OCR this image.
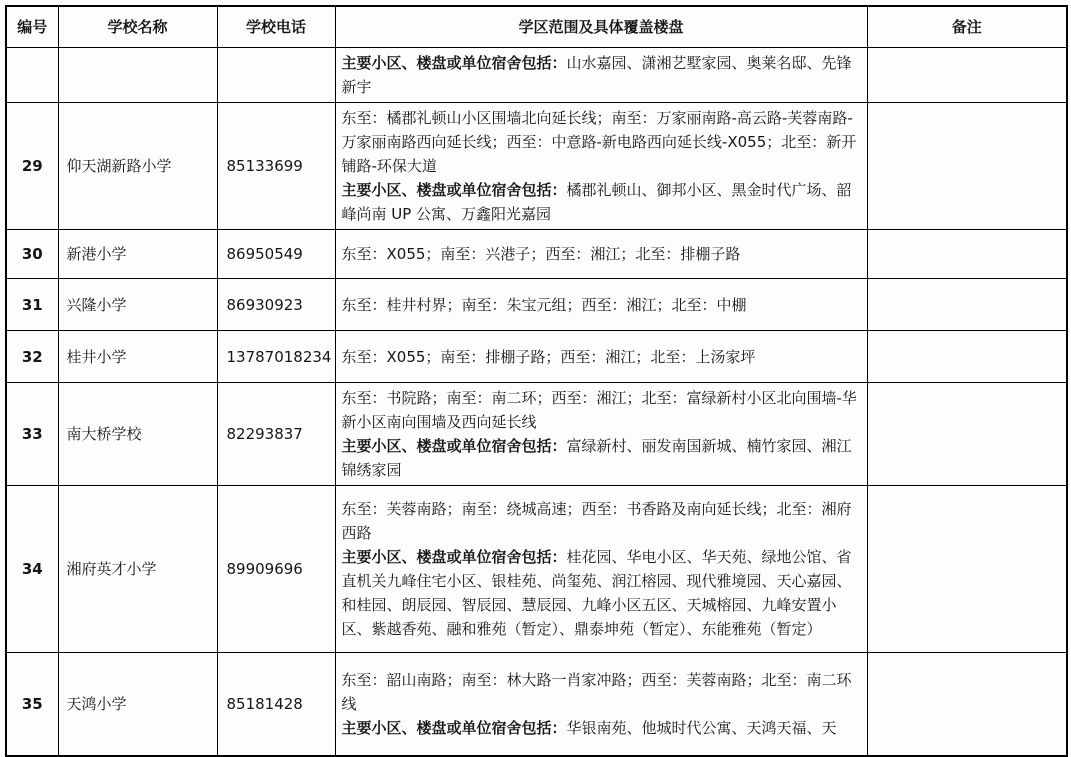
编号	学校名称	学校电话	学区范围及具体覆盖楼盘	备注

			主要小区、楼盘或单位宿舍包括：山水嘉园、潇湘艺墅家园、奥莱名邸、先锋新宇	

29	仰天湖新路小学	85133699	东至：橘郡礼顿山小区围墙北向延长线；南至：万家丽南路-高云路-芙蓉南路-万家丽南路西向延长线；西至：中意路-新电路西向延长线-X055；北至：新开铺路-环保大道
主要小区、楼盘或单位宿舍包括：橘郡礼顿山、御邦小区、黑金时代广场、韶峰尚南 UP 公寓、万鑫阳光嘉园	

30	新港小学	86950549	东至：X055；南至：兴港子；西至：湘江；北至：排棚子路	

31	兴隆小学	86930923	东至：桂井村界；南至：朱宝元组；西至：湘江；北至：中棚	

32	桂井小学	13787018234	东至：X055；南至：排棚子路；西至：湘江；北至：上汤家坪	

33	南大桥学校	82293837	东至：书院路；南至：南二环；西至：湘江；北至：富绿新村小区北向围墙-华新小区南向围墙及西向延长线
主要小区、楼盘或单位宿舍包括：富绿新村、丽发南国新城、楠竹家园、湘江锦绣家园	

34	湘府英才小学	89909696	东至：芙蓉南路；南至：绕城高速；西至：书香路及南向延长线；北至：湘府西路
主要小区、楼盘或单位宿舍包括：桂花园、华电小区、华天苑、绿地公馆、省直机关九峰住宅小区、银桂苑、尚玺苑、润江榕园、现代雅境园、天心嘉园、和桂园、朗辰园、智辰园、慧辰园、九峰小区五区、天城榕园、九峰安置小区、紫越香苑、融和雅苑（暂定）、鼎泰坤苑（暂定）、东能雅苑（暂定）	

35	天鸿小学	85181428	东至：韶山南路；南至：林大路一肖家冲路；西至：芙蓉南路；北至：南二环线
主要小区、楼盘或单位宿舍包括：华银南苑、他城时代公寓、天鸿天福、天	
